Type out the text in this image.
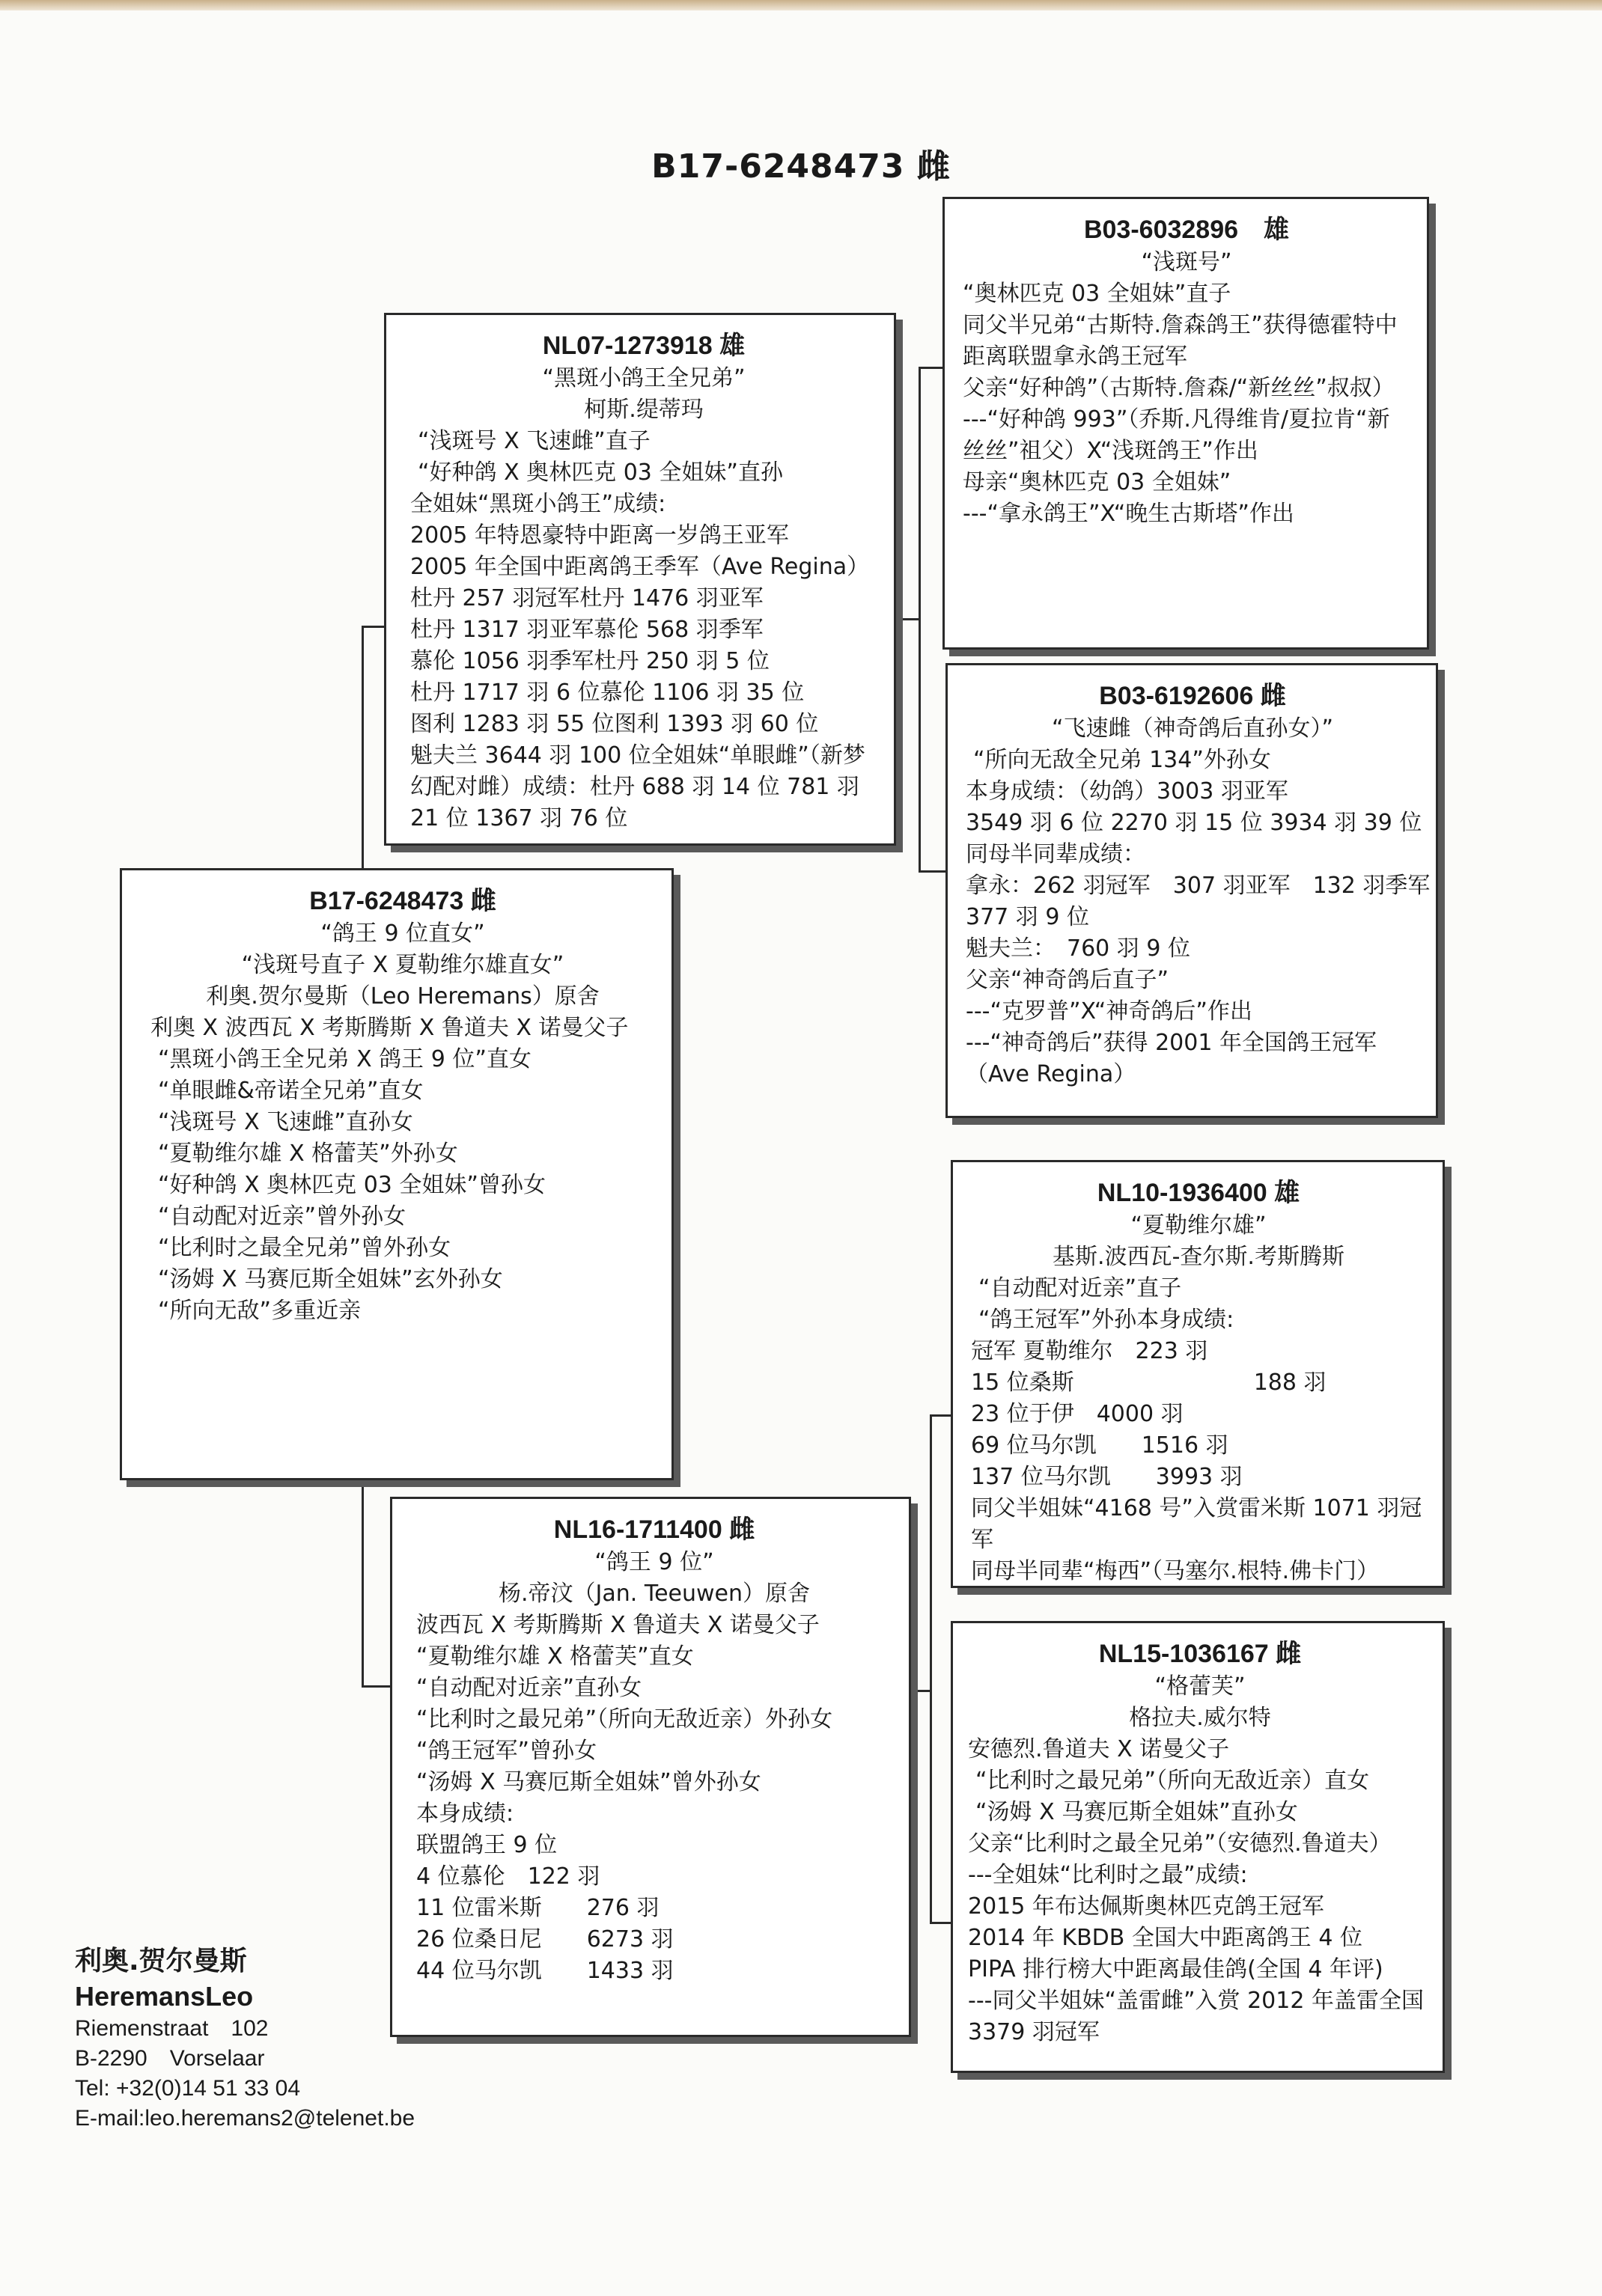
B17-6248473 雌
B17-6248473 雌
“鸽王 9 位直女”
“浅斑号直子 X 夏勒维尔雄直女”
利奥.贺尔曼斯（Leo Heremans）原舍
利奥 X 波西瓦 X 考斯腾斯 X 鲁道夫 X 诺曼父子
“黑斑小鸽王全兄弟 X 鸽王 9 位”直女
“单眼雌&帝诺全兄弟”直女
“浅斑号 X 飞速雌”直孙女
“夏勒维尔雄 X 格蕾芙”外孙女
“好种鸽 X 奥林匹克 03 全姐妹”曾孙女
“自动配对近亲”曾外孙女
“比利时之最全兄弟”曾外孙女
“汤姆 X 马赛厄斯全姐妹”玄外孙女
“所向无敌”多重近亲
NL07-1273918 雄
“黑斑小鸽王全兄弟”
柯斯.缇蒂玛
“浅斑号 X 飞速雌”直子
“好种鸽 X 奥林匹克 03 全姐妹”直孙
全姐妹“黑斑小鸽王”成绩:
2005 年特恩豪特中距离一岁鸽王亚军
2005 年全国中距离鸽王季军（Ave Regina）
杜丹 257 羽冠军杜丹 1476 羽亚军
杜丹 1317 羽亚军慕伦 568 羽季军
慕伦 1056 羽季军杜丹 250 羽 5 位
杜丹 1717 羽 6 位慕伦 1106 羽 35 位
图利 1283 羽 55 位图利 1393 羽 60 位
魁夫兰 3644 羽 100 位全姐妹“单眼雌”（新梦幻配对雌）成绩：杜丹 688 羽 14 位 781 羽 21 位 1367 羽 76 位
NL16-1711400 雌
“鸽王 9 位”
杨.帝汶（Jan. Teeuwen）原舍
波西瓦 X 考斯腾斯 X 鲁道夫 X 诺曼父子
“夏勒维尔雄 X 格蕾芙”直女
“自动配对近亲”直孙女
“比利时之最兄弟”（所向无敌近亲）外孙女
“鸽王冠军”曾孙女
“汤姆 X 马赛厄斯全姐妹”曾外孙女
本身成绩:
联盟鸽王 9 位
4 位慕伦　122 羽
11 位雷米斯　　276 羽
26 位桑日尼　　6273 羽
44 位马尔凯　　1433 羽
B03-6032896　雄
“浅斑号”
“奥林匹克 03 全姐妹”直子
同父半兄弟“古斯特.詹森鸽王”获得德霍特中距离联盟拿永鸽王冠军
父亲“好种鸽”（古斯特.詹森/“新丝丝”叔叔）
---“好种鸽 993”（乔斯.凡得维肯/夏拉肯“新丝丝”祖父）X“浅斑鸽王”作出
母亲“奥林匹克 03 全姐妹”
---“拿永鸽王”X“晚生古斯塔”作出
B03-6192606 雌
“飞速雌（神奇鸽后直孙女）”
“所向无敌全兄弟 134”外孙女
本身成绩：（幼鸽）3003 羽亚军
3549 羽 6 位 2270 羽 15 位 3934 羽 39 位
同母半同辈成绩：
拿永：262 羽冠军　307 羽亚军　132 羽季军
377 羽 9 位
魁夫兰：　760 羽 9 位
父亲“神奇鸽后直子”
---“克罗普”X“神奇鸽后”作出
---“神奇鸽后”获得 2001 年全国鸽王冠军（Ave Regina）
NL10-1936400 雄
“夏勒维尔雄”
基斯.波西瓦-查尔斯.考斯腾斯
“自动配对近亲”直子
“鸽王冠军”外孙本身成绩:
冠军 夏勒维尔　223 羽
15 位桑斯　　　　　　　　188 羽
23 位于伊　4000 羽
69 位马尔凯　　1516 羽
137 位马尔凯　　3993 羽
同父半姐妹“4168 号”入赏雷米斯 1071 羽冠军
同母半同辈“梅西”（马塞尔.根特.佛卡门）
NL15-1036167 雌
“格蕾芙”
格拉夫.威尔特
安德烈.鲁道夫 X 诺曼父子
“比利时之最兄弟”（所向无敌近亲）直女
“汤姆 X 马赛厄斯全姐妹”直孙女
父亲“比利时之最全兄弟”（安德烈.鲁道夫）
---全姐妹“比利时之最”成绩:
2015 年布达佩斯奥林匹克鸽王冠军
2014 年 KBDB 全国大中距离鸽王 4 位
PIPA 排行榜大中距离最佳鸽(全国 4 年评)
---同父半姐妹“盖雷雌”入赏 2012 年盖雷全国 3379 羽冠军
利奥.贺尔曼斯
HeremansLeo
Riemenstraat　102
B-2290　Vorselaar
Tel: +32(0)14 51 33 04
E-mail:leo.heremans2@telenet.be
